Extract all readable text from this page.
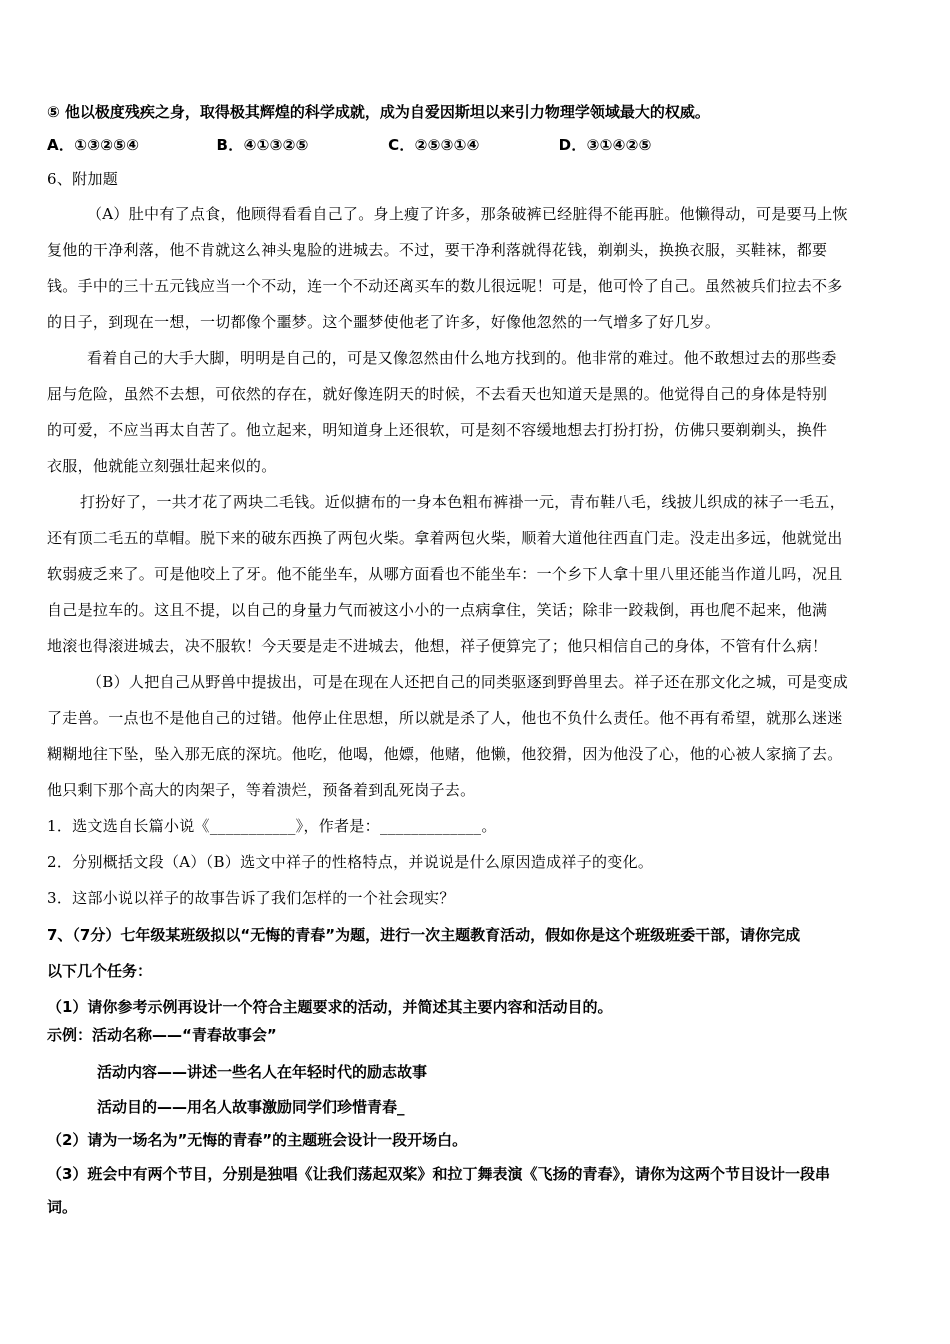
⑤ 他以极度残疾之身，取得极其辉煌的科学成就，成为自爱因斯坦以来引力物理学领域最大的权威。
A．①③②⑤④	B．④①③②⑤	C．②⑤③①④	D．③①④②⑤
6、附加题
（A）肚中有了点食，他顾得看看自己了。身上瘦了许多，那条破裤已经脏得不能再脏。他懒得动，可是要马上恢
复他的干净利落，他不肯就这么神头鬼脸的进城去。不过，要干净利落就得花钱，剃剃头，换换衣服，买鞋袜，都要
钱。手中的三十五元钱应当一个不动，连一个不动还离买车的数儿很远呢！可是，他可怜了自己。虽然被兵们拉去不多
的日子，到现在一想，一切都像个噩梦。这个噩梦使他老了许多，好像他忽然的一气增多了好几岁。
看着自己的大手大脚，明明是自己的，可是又像忽然由什么地方找到的。他非常的难过。他不敢想过去的那些委
屈与危险，虽然不去想，可依然的存在，就好像连阴天的时候，不去看天也知道天是黑的。他觉得自己的身体是特别
的可爱，不应当再太自苦了。他立起来，明知道身上还很软，可是刻不容缓地想去打扮打扮，仿佛只要剃剃头，换件
衣服，他就能立刻强壮起来似的。
打扮好了，一共才花了两块二毛钱。近似搪布的一身本色粗布裤褂一元，青布鞋八毛，线披儿织成的袜子一毛五，
还有顶二毛五的草帽。脱下来的破东西换了两包火柴。拿着两包火柴，顺着大道他往西直门走。没走出多远，他就觉出
软弱疲乏来了。可是他咬上了牙。他不能坐车，从哪方面看也不能坐车：一个乡下人拿十里八里还能当作道儿吗，况且
自己是拉车的。这且不提，以自己的身量力气而被这小小的一点病拿住，笑话；除非一跤栽倒，再也爬不起来，他满
地滚也得滚进城去，决不服软！今天要是走不进城去，他想，祥子便算完了；他只相信自己的身体，不管有什么病！
（B）人把自己从野兽中提拔出，可是在现在人还把自己的同类驱逐到野兽里去。祥子还在那文化之城，可是变成
了走兽。一点也不是他自己的过错。他停止住思想，所以就是杀了人，他也不负什么责任。他不再有希望，就那么迷迷
糊糊地往下坠，坠入那无底的深坑。他吃，他喝，他嫖，他赌，他懒，他狡猾，因为他没了心，他的心被人家摘了去。
他只剩下那个高大的肉架子，等着溃烂，预备着到乱死岗子去。
1．选文选自长篇小说《___________》，作者是：_____________。
2．分别概括文段（A）（B）选文中祥子的性格特点，并说说是什么原因造成祥子的变化。
3．这部小说以祥子的故事告诉了我们怎样的一个社会现实？
7、（7分）七年级某班级拟以“无悔的青春”为题，进行一次主题教育活动，假如你是这个班级班委干部，请你完成
以下几个任务：
（1）请你参考示例再设计一个符合主题要求的活动，并简述其主要内容和活动目的。
示例：活动名称——“青春故事会”
活动内容——讲述一些名人在年轻时代的励志故事
活动目的——用名人故事激励同学们珍惜青春_
（2）请为一场名为”无悔的青春”的主题班会设计一段开场白。
（3）班会中有两个节目，分别是独唱《让我们荡起双桨》和拉丁舞表演《飞扬的青春》，请你为这两个节目设计一段串
词。
